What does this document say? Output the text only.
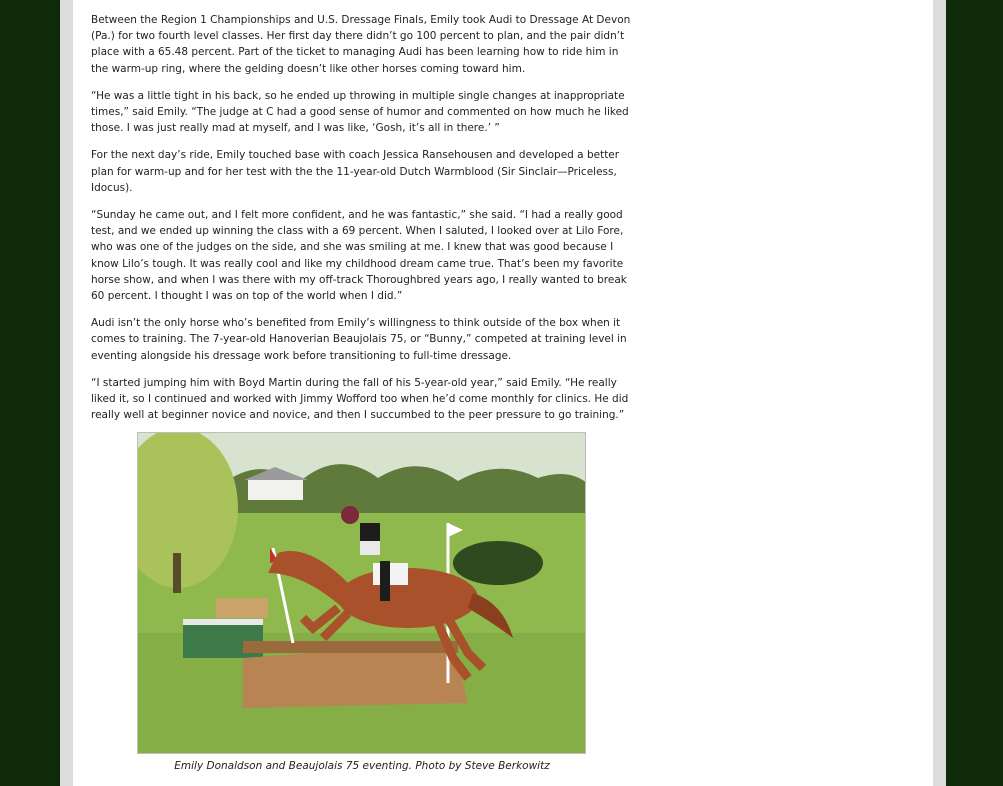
Between the Region 1 Championships and U.S. Dressage Finals, Emily took Audi to Dressage At Devon (Pa.) for two fourth level classes. Her first day there didn’t go 100 percent to plan, and the pair didn’t place with a 65.48 percent. Part of the ticket to managing Audi has been learning how to ride him in the warm-up ring, where the gelding doesn’t like other horses coming toward him.

“He was a little tight in his back, so he ended up throwing in multiple single changes at inappropriate times,” said Emily. “The judge at C had a good sense of humor and commented on how much he liked those. I was just really mad at myself, and I was like, ‘Gosh, it’s all in there.’ ”

For the next day’s ride, Emily touched base with coach Jessica Ransehousen and developed a better plan for warm-up and for her test with the the 11-year-old Dutch Warmblood (Sir Sinclair—Priceless, Idocus).

“Sunday he came out, and I felt more confident, and he was fantastic,” she said. “I had a really good test, and we ended up winning the class with a 69 percent. When I saluted, I looked over at Lilo Fore, who was one of the judges on the side, and she was smiling at me. I knew that was good because I know Lilo’s tough. It was really cool and like my childhood dream came true. That’s been my favorite horse show, and when I was there with my off-track Thoroughbred years ago, I really wanted to break 60 percent. I thought I was on top of the world when I did.”

Audi isn’t the only horse who’s benefited from Emily’s willingness to think outside of the box when it comes to training. The 7-year-old Hanoverian Beaujolais 75, or “Bunny,” competed at training level in eventing alongside his dressage work before transitioning to full-time dressage.

“I started jumping him with Boyd Martin during the fall of his 5-year-old year,” said Emily. “He really liked it, so I continued and worked with Jimmy Wofford too when he’d come monthly for clinics. He did really well at beginner novice and novice, and then I succumbed to the peer pressure to go training.”

Emily Donaldson and Beaujolais 75 eventing. Photo by Steve Berkowitz
